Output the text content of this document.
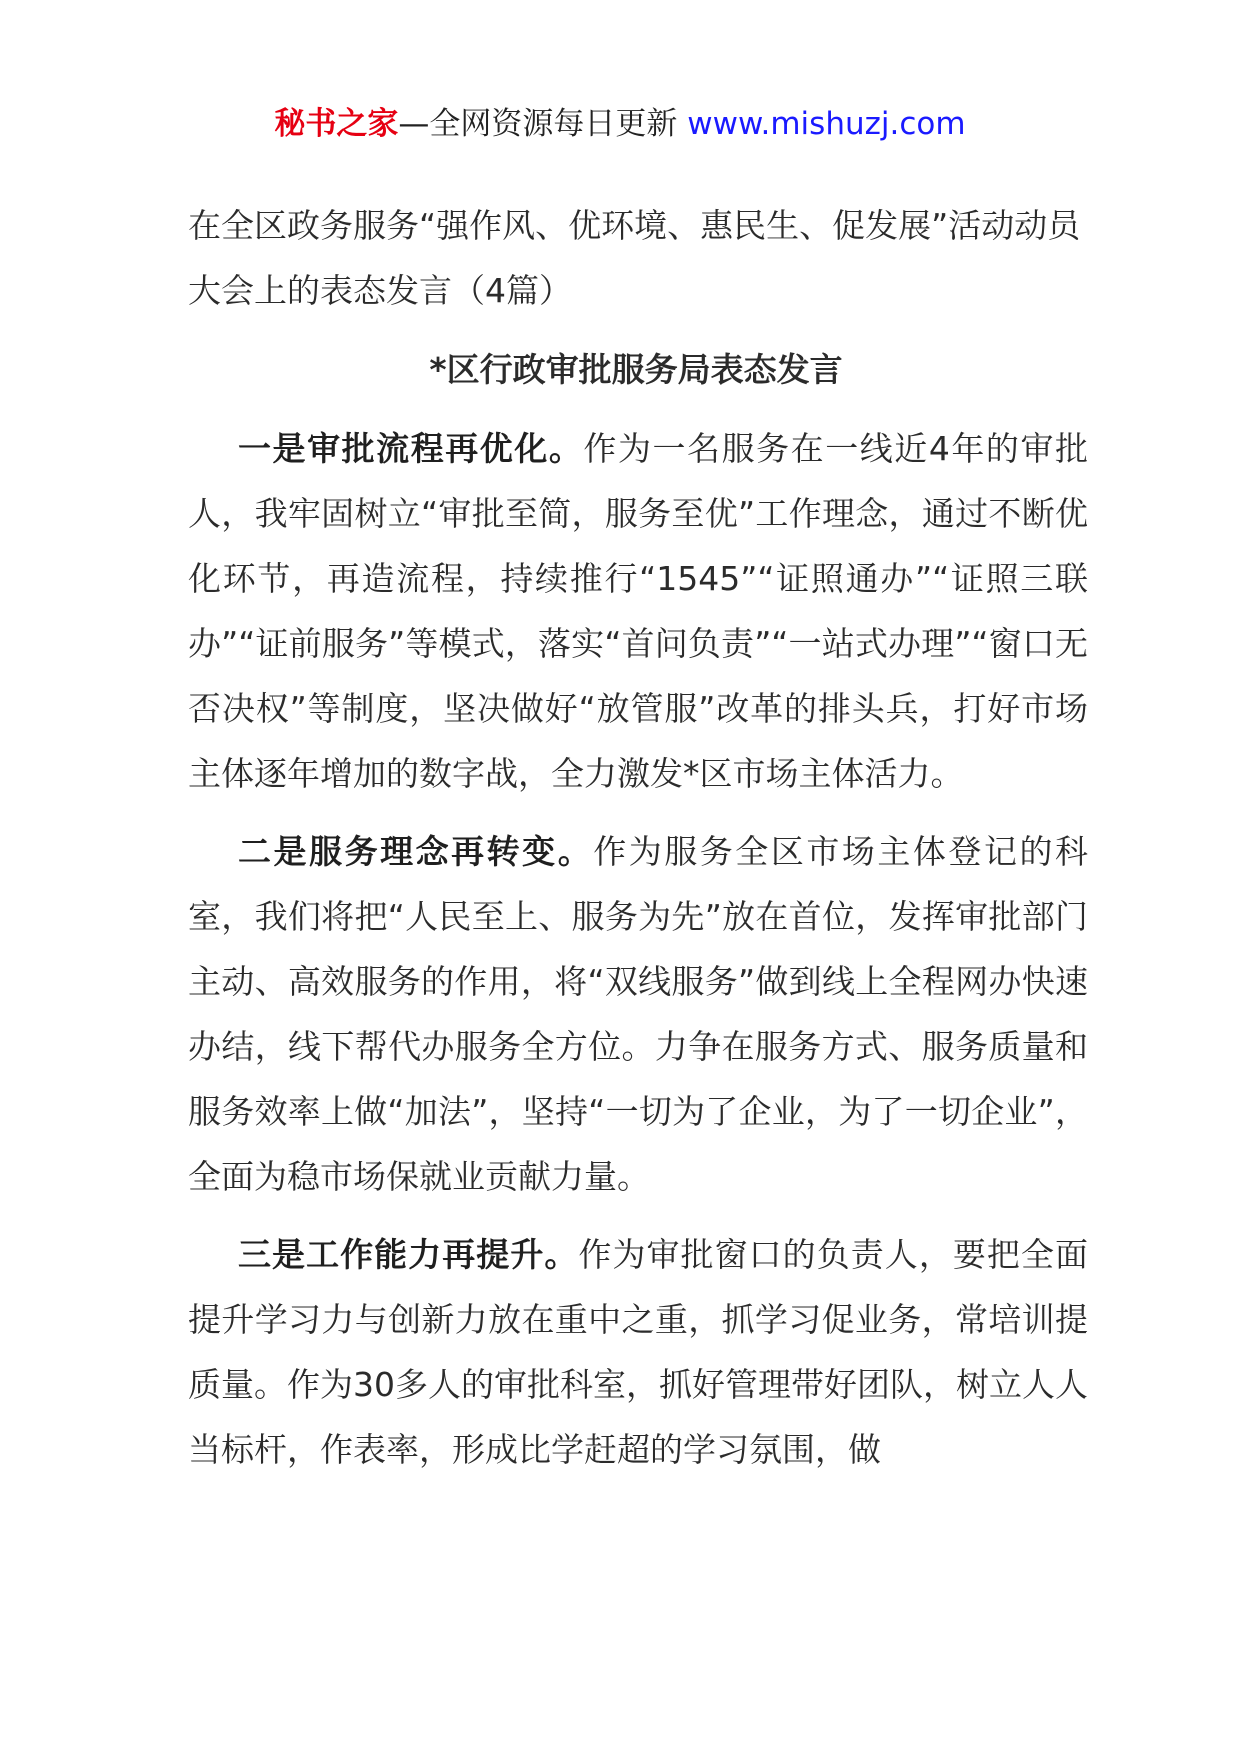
秘书之家—全网资源每日更新 www.mishuzj.com
在全区政务服务“强作风、优环境、惠民生、促发展”活动动员大会上的表态发言（4篇）
*区行政审批服务局表态发言

一是审批流程再优化。作为一名服务在一线近4年的审批人，我牢固树立“审批至简，服务至优”工作理念，通过不断优化环节，再造流程，持续推行“1545”“证照通办”“证照三联办”“证前服务”等模式，落实“首问负责”“一站式办理”“窗口无否决权”等制度，坚决做好“放管服”改革的排头兵，打好市场主体逐年增加的数字战，全力激发*区市场主体活力。

二是服务理念再转变。作为服务全区市场主体登记的科室，我们将把“人民至上、服务为先”放在首位，发挥审批部门主动、高效服务的作用，将“双线服务”做到线上全程网办快速办结，线下帮代办服务全方位。力争在服务方式、服务质量和服务效率上做“加法”，坚持“一切为了企业，为了一切企业”，全面为稳市场保就业贡献力量。

三是工作能力再提升。作为审批窗口的负责人，要把全面提升学习力与创新力放在重中之重，抓学习促业务，常培训提质量。作为30多人的审批科室，抓好管理带好团队，树立人人当标杆，作表率，形成比学赶超的学习氛围，做
